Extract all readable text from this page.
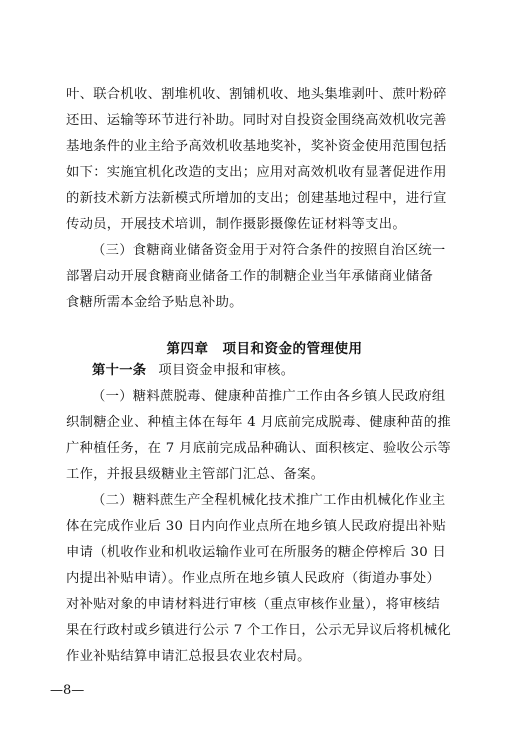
叶、联合机收、割堆机收、割铺机收、地头集堆剥叶、蔗叶粉碎
还田、运输等环节进行补助。同时对自投资金围绕高效机收完善
基地条件的业主给予高效机收基地奖补，奖补资金使用范围包括
如下：实施宜机化改造的支出；应用对高效机收有显著促进作用
的新技术新方法新模式所增加的支出；创建基地过程中，进行宣
传动员，开展技术培训，制作摄影摄像佐证材料等支出。
（三）食糖商业储备资金用于对符合条件的按照自治区统一
部署启动开展食糖商业储备工作的制糖企业当年承储商业储备
食糖所需本金给予贴息补助。
第四章　项目和资金的管理使用
第十一条 项目资金申报和审核。
（一）糖料蔗脱毒、健康种苗推广工作由各乡镇人民政府组
织制糖企业、种植主体在每年 4 月底前完成脱毒、健康种苗的推
广种植任务，在 7 月底前完成品种确认、面积核定、验收公示等
工作，并报县级糖业主管部门汇总、备案。
（二）糖料蔗生产全程机械化技术推广工作由机械化作业主
体在完成作业后 30 日内向作业点所在地乡镇人民政府提出补贴
申请（机收作业和机收运输作业可在所服务的糖企停榨后 30 日
内提出补贴申请）。作业点所在地乡镇人民政府（街道办事处）
对补贴对象的申请材料进行审核（重点审核作业量），将审核结
果在行政村或乡镇进行公示 7 个工作日，公示无异议后将机械化
作业补贴结算申请汇总报县农业农村局。
—8—
